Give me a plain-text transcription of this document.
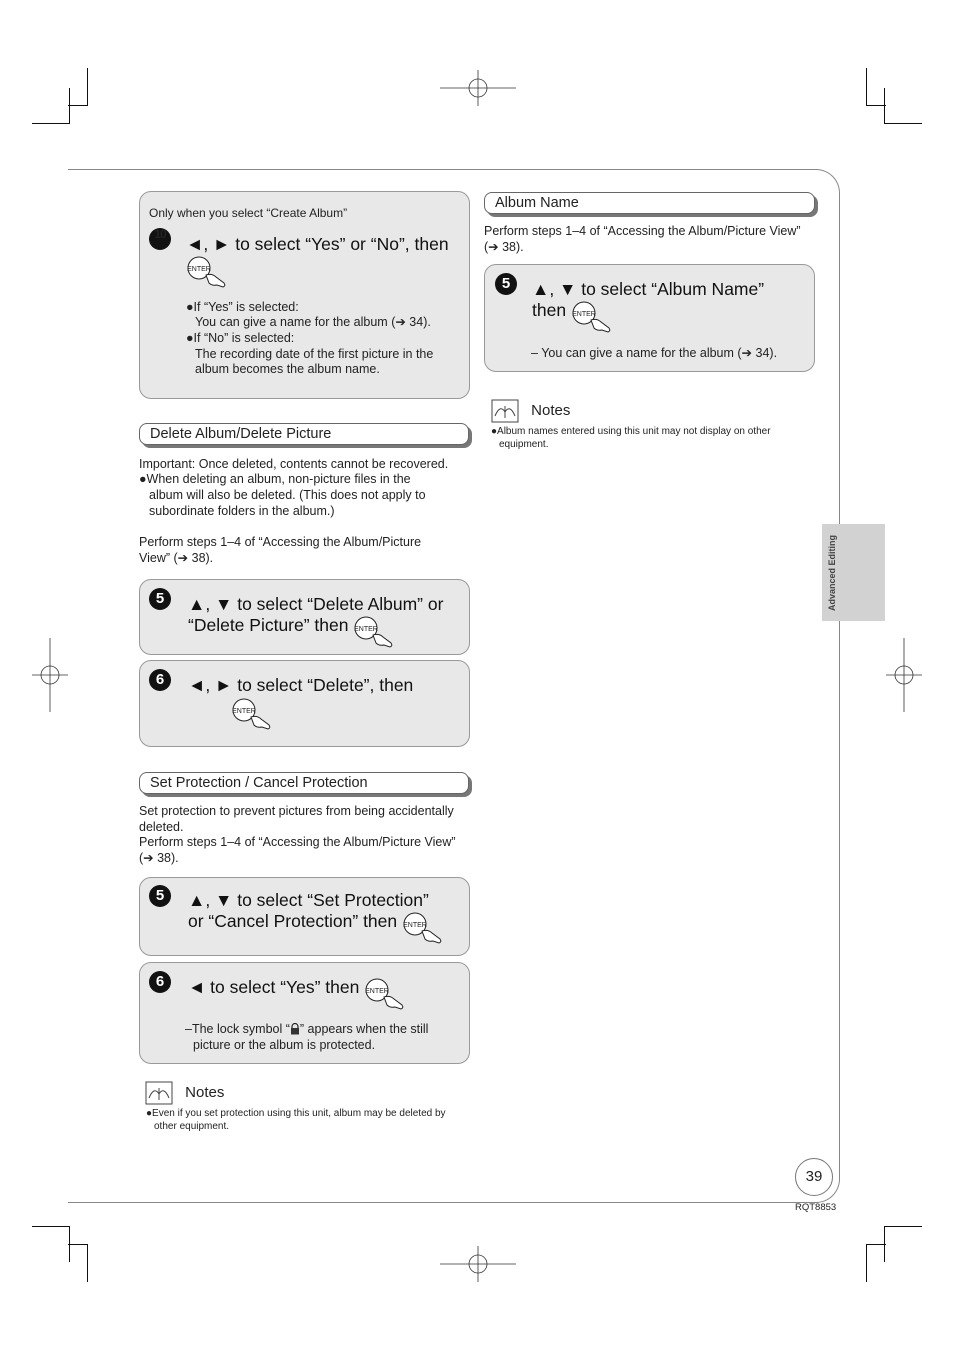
Only when you select “Create Album”
10	◄, ► to select “Yes” or “No”, then
ENTER

●If “Yes” is selected:
You can give a name for the album (➔ 34).
●If “No” is selected:
The recording date of the first picture in the
album becomes the album name.
Delete Album/Delete Picture
Important: Once deleted, contents cannot be recovered.
●When deleting an album, non-picture files in the
album will also be deleted. (This does not apply to
subordinate folders in the album.)
Perform steps 1–4 of “Accessing the Album/Picture
View” (➔ 38).
5	▲, ▼ to select “Delete Album” or
“Delete Picture” then ENTER
6	◄, ► to select “Delete”, then
ENTER
Set Protection / Cancel Protection
Set protection to prevent pictures from being accidentally
deleted.
Perform steps 1–4 of “Accessing the Album/Picture View”
(➔ 38).
5	▲, ▼ to select “Set Protection”
or “Cancel Protection” then ENTER
6	◄ to select “Yes” then ENTER
–The lock symbol “ ” appears when the still
picture or the album is protected.
Notes
●Even if you set protection using this unit, album may be deleted by
other equipment.
Album Name
Perform steps 1–4 of “Accessing the Album/Picture View”
(➔ 38).
5	▲, ▼ to select “Album Name”
then ENTER
– You can give a name for the album (➔ 34).
Notes
●Album names entered using this unit may not display on other
equipment.
Advanced Editing
39
RQT8853
